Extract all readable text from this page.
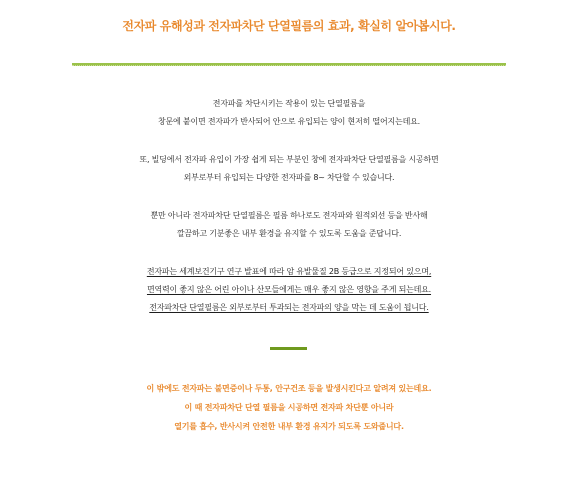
전자파 유해성과 전자파차단 단열필름의 효과, 확실히 알아봅시다.
전자파를 차단시키는 작용이 있는 단열필름을
창문에 붙이면 전자파가 반사되어 안으로 유입되는 양이 현저히 떨어지는데요.
또, 빌딩에서 전자파 유입이 가장 쉽게 되는 부분인 창에 전자파차단 단열필름을 시공하면
외부로부터 유입되는 다양한 전자파를 8~ 차단할 수 있습니다.
뿐만 아니라 전자파차단 단열필름은 필름 하나로도 전자파와 원적외선 등을 반사해
깔끔하고 기분좋은 내부 환경을 유지할 수 있도록 도움을 준답니다.
전자파는 세계보건기구 연구 발표에 따라 암 유발물질 2B 등급으로 지정되어 있으며,
면역력이 좋지 않은 어린 아이나 산모들에게는 매우 좋지 않은 영향을 주게 되는데요.
전자파차단 단열필름은 외부로부터 투과되는 전자파의 양을 막는 데 도움이 됩니다.
이 밖에도 전자파는 불면증이나 두통, 안구건조 등을 발생시킨다고 알려져 있는데요.
이 때 전자파차단 단열 필름을 시공하면 전자파 차단뿐 아니라
열기를 흡수, 반사시켜 안전한 내부 환경 유지가 되도록 도와줍니다.
